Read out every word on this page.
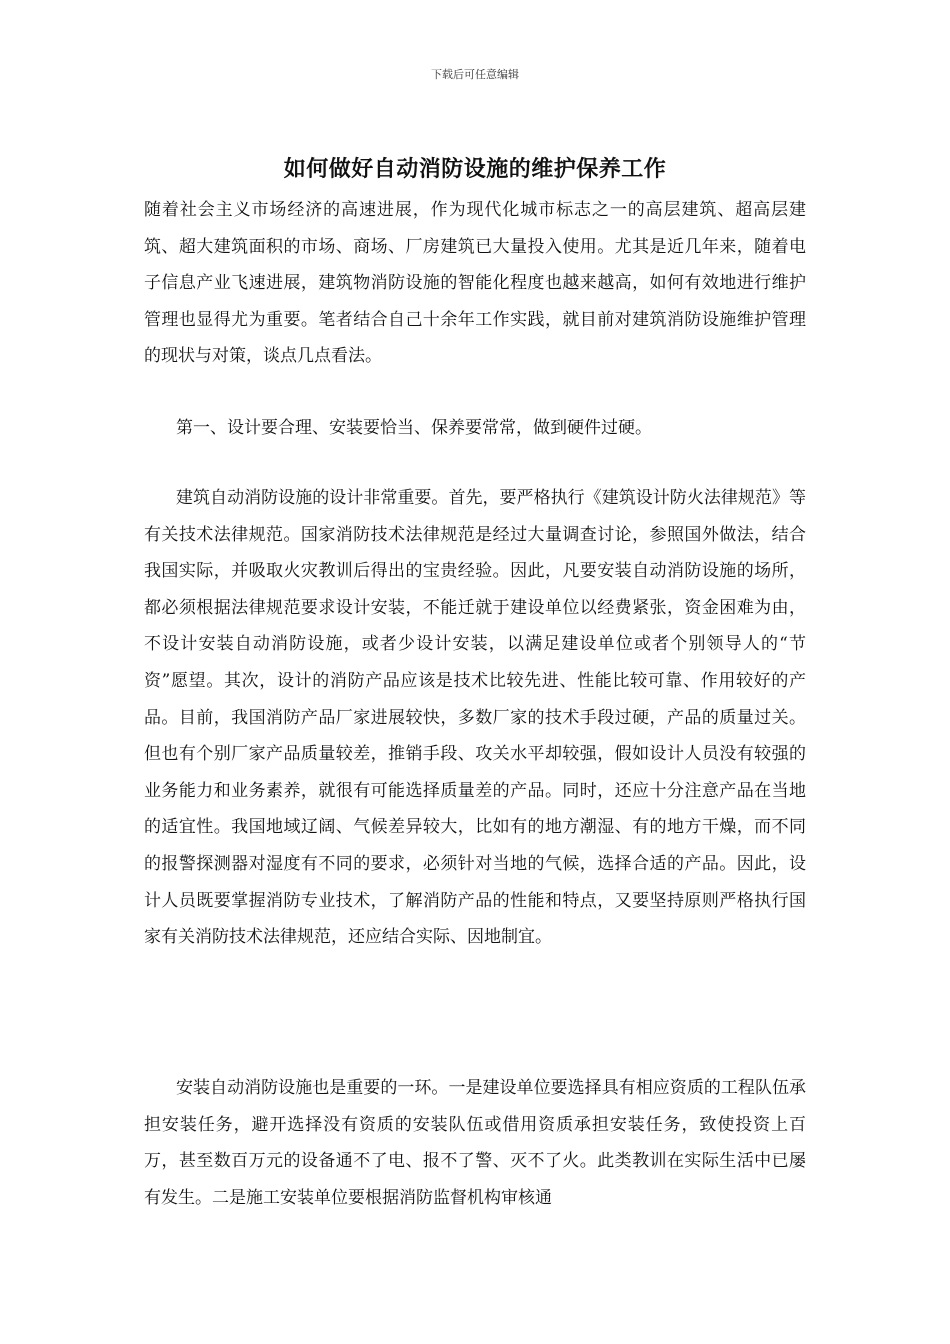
下载后可任意编辑
如何做好自动消防设施的维护保养工作

随着社会主义市场经济的高速进展，作为现代化城市标志之一的高层建筑、超高层建筑、超大建筑面积的市场、商场、厂房建筑已大量投入使用。尤其是近几年来，随着电子信息产业飞速进展，建筑物消防设施的智能化程度也越来越高，如何有效地进行维护管理也显得尤为重要。笔者结合自己十余年工作实践，就目前对建筑消防设施维护管理的现状与对策，谈点几点看法。

第一、设计要合理、安装要恰当、保养要常常，做到硬件过硬。

建筑自动消防设施的设计非常重要。首先，要严格执行《建筑设计防火法律规范》等有关技术法律规范。国家消防技术法律规范是经过大量调查讨论，参照国外做法，结合我国实际，并吸取火灾教训后得出的宝贵经验。因此，凡要安装自动消防设施的场所，都必须根据法律规范要求设计安装，不能迁就于建设单位以经费紧张，资金困难为由，不设计安装自动消防设施，或者少设计安装，以满足建设单位或者个别领导人的“节资”愿望。其次，设计的消防产品应该是技术比较先进、性能比较可靠、作用较好的产品。目前，我国消防产品厂家进展较快，多数厂家的技术手段过硬，产品的质量过关。但也有个别厂家产品质量较差，推销手段、攻关水平却较强，假如设计人员没有较强的业务能力和业务素养，就很有可能选择质量差的产品。同时，还应十分注意产品在当地的适宜性。我国地域辽阔、气候差异较大，比如有的地方潮湿、有的地方干燥，而不同的报警探测器对湿度有不同的要求，必须针对当地的气候，选择合适的产品。因此，设计人员既要掌握消防专业技术，了解消防产品的性能和特点，又要坚持原则严格执行国家有关消防技术法律规范，还应结合实际、因地制宜。

安装自动消防设施也是重要的一环。一是建设单位要选择具有相应资质的工程队伍承担安装任务，避开选择没有资质的安装队伍或借用资质承担安装任务，致使投资上百万，甚至数百万元的设备通不了电、报不了警、灭不了火。此类教训在实际生活中已屡有发生。二是施工安装单位要根据消防监督机构审核通
